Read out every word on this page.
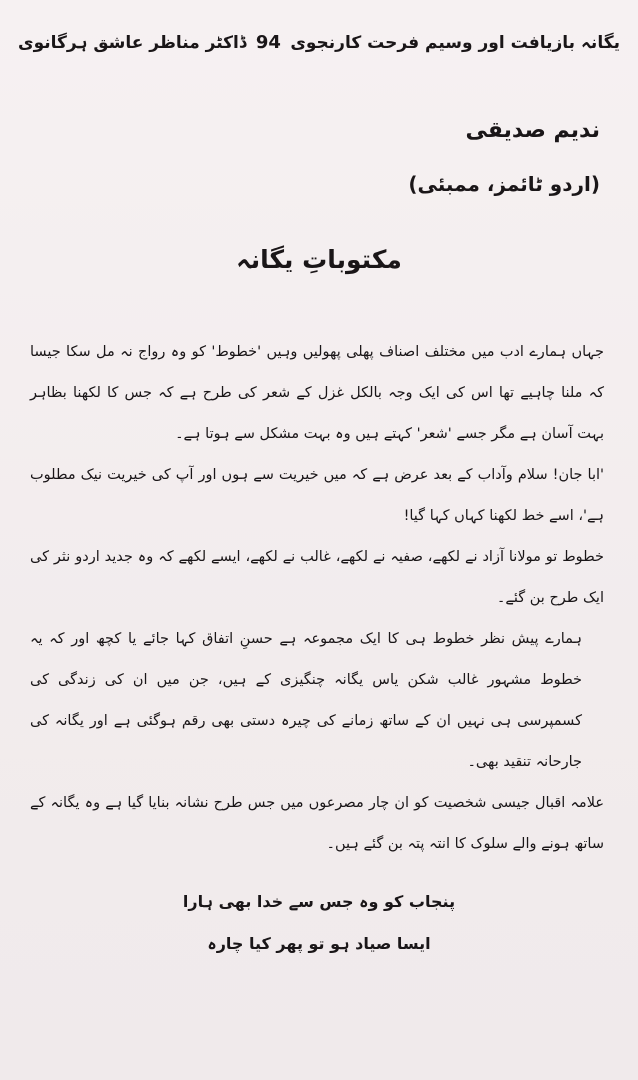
ڈاکٹر مناظر عاشق ہرگانوی 94 یگانہ بازیافت اور وسیم فرحت کارنجوی
ندیم صدیقی
(اردو ٹائمز، ممبئی)
مکتوباتِ یگانہ

جہاں ہمارے ادب میں مختلف اصناف پھلی پھولیں وہیں 'خطوط' کو وہ رواج نہ مل سکا جیسا کہ ملنا چاہیے تھا اس کی ایک وجہ بالکل غزل کے شعر کی طرح ہے کہ جس کا لکھنا بظاہر بہت آسان ہے مگر جسے 'شعر' کہتے ہیں وہ بہت مشکل سے ہوتا ہے۔

'ابا جان! سلام وآداب کے بعد عرض ہے کہ میں خیریت سے ہوں اور آپ کی خیریت نیک مطلوب ہے'، اسے خط لکھنا کہاں کہا گیا!

خطوط تو مولانا آزاد نے لکھے، صفیہ نے لکھے، غالب نے لکھے، ایسے لکھے کہ وہ جدید اردو نثر کی ایک طرح بن گئے۔

ہمارے پیش نظر خطوط ہی کا ایک مجموعہ ہے حسنِ اتفاق کہا جائے یا کچھ اور کہ یہ خطوط مشہور غالب شکن یاس یگانہ چنگیزی کے ہیں، جن میں ان کی زندگی کی کسمپرسی ہی نہیں ان کے ساتھ زمانے کی چیرہ دستی بھی رقم ہوگئی ہے اور یگانہ کی جارحانہ تنقید بھی۔

علامہ اقبال جیسی شخصیت کو ان چار مصرعوں میں جس طرح نشانہ بنایا گیا ہے وہ یگانہ کے ساتھ ہونے والے سلوک کا انتہ پتہ بن گئے ہیں۔

پنجاب کو وہ جس سے خدا بھی ہارا
ایسا صیاد ہو تو پھر کیا چارہ
